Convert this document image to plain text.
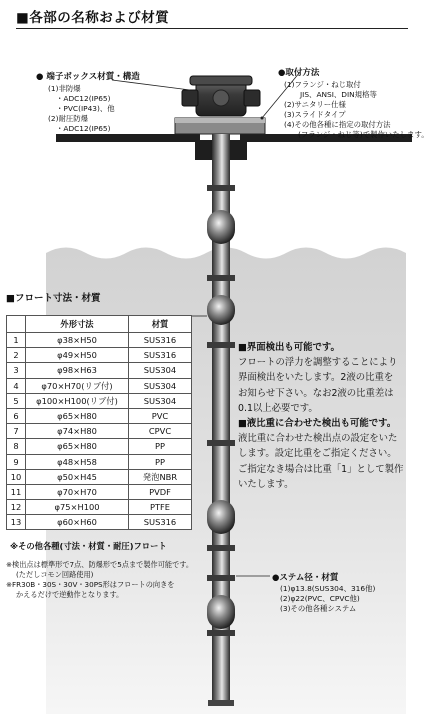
■各部の名称および材質
● 端子ボックス材質・構造
(1)非防爆
・ADC12(IP65)
・PVC(IP43)、他
(2)耐圧防爆
・ADC12(IP65)
●取付方法
(1)フランジ・ねじ取付
JIS、ANSI、DIN規格等
(2)サニタリー仕様
(3)スライドタイプ
(4)その他各種に指定の取付方法
(フランジ・ねじ等)で製作いたします。
■フロート寸法・材質
	外形寸法	材質
1	φ38×H50	SUS316
2	φ49×H50	SUS316
3	φ98×H63	SUS304
4	φ70×H70(リブ付)	SUS304
5	φ100×H100(リブ付)	SUS304
6	φ65×H80	PVC
7	φ74×H80	CPVC
8	φ65×H80	PP
9	φ48×H58	PP
10	φ50×H45	発泡NBR
11	φ70×H70	PVDF
12	φ75×H100	PTFE
13	φ60×H60	SUS316
※その他各種(寸法・材質・耐圧)フロート
※検出点は標準形で7点、防爆形で5点まで製作可能です。
(ただしコモン回路使用)
※FR30B・30S・30V・30PS形はフロートの向きを
かえるだけで逆動作となります。
■界面検出も可能です。
フロートの浮力を調整することにより
界面検出をいたします。2液の比重を
お知らせ下さい。なお2液の比重差は
0.1以上必要です。
■液比重に合わせた検出も可能です。
液比重に合わせた検出点の設定をいた
します。設定比重をご指定ください。
ご指定なき場合は比重「1」として製作
いたします。
●ステム径・材質
(1)φ13.8(SUS304、316他)
(2)φ22(PVC、CPVC他)
(3)その他各種システム
